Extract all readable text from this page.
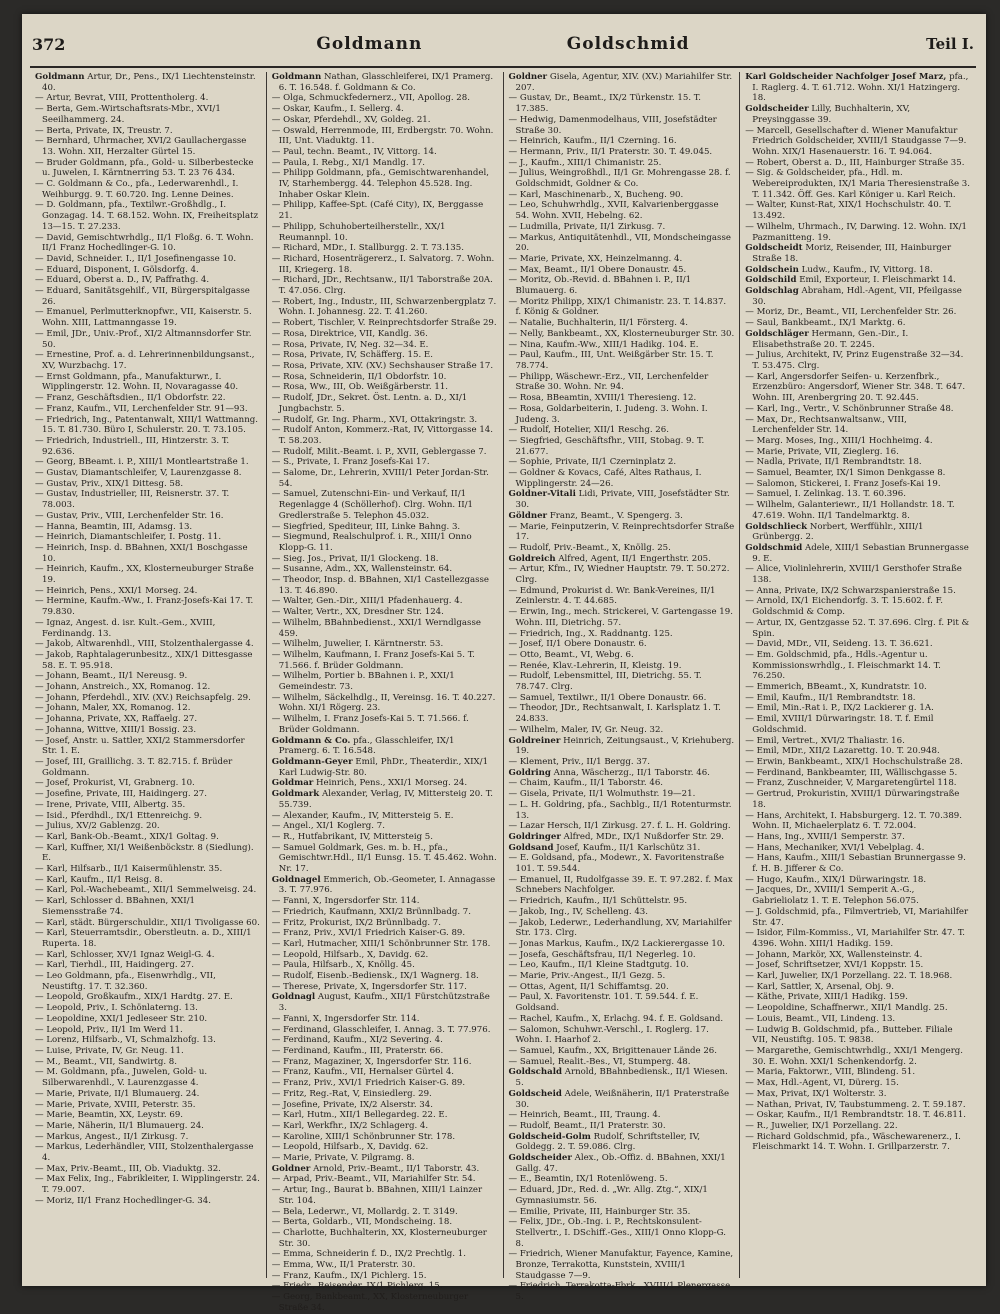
372	Goldmann	Goldschmid	Teil I.
Goldmann Artur, Dr., Pens., IX/1 Liechtensteinstr. 40.
— Artur, Bevrat, VIII, Prottentholerg. 4.
— Berta, Gem.-Wirtschaftsrats-Mbr., XVI/1 Seeilhammerg. 24.
— Berta, Private, IX, Treustr. 7.
— Bernhard, Uhrmacher, XVI/2 Gaullachergasse 13. Wohn. XII, Herzalter Gürtel 15.
— Bruder Goldmann, pfa., Gold- u. Silberbestecke u. Juwelen, I. Kärntnerring 53. T. 23 76 434.
— C. Goldmann & Co., pfa., Lederwarenhdl., I. Weihburgg. 9. T. 60.720. Ing. Lenne Deines.
— D. Goldmann, pfa., Textilwr.-Großhdlg., I. Gonzagag. 14. T. 68.152. Wohn. IX, Freiheitsplatz 13—15. T. 27.233.
— David, Gemischtwrhdlg., II/1 Floßg. 6. T. Wohn. II/1 Franz Hochedlinger-G. 10.
— David, Schneider. I., II/1 Josefinengasse 10.
— Eduard, Disponent, I. Gölsdorfg. 4.
— Eduard, Oberst a. D., IV, Paffrathg. 4.
— Eduard, Sanitätsgehilf., VII, Bürgerspitalgasse 26.
— Emanuel, Perlmutterknopfwr., VII, Kaiserstr. 5. Wohn. XIII, Lattmanngasse 19.
— Emil, JDr., Univ.-Prof., XI/2 Altmannsdorfer Str. 50.
— Ernestine, Prof. a. d. Lehrerinnenbildungsanst., XV, Wurzbachg. 17.
— Ernst Goldmann, pfa., Manufakturwr., I. Wipplingerstr. 12. Wohn. II, Novaragasse 40.
— Franz, Geschäftsdien., II/1 Obdorfstr. 22.
— Franz, Kaufm., VII, Lerchenfelder Str. 91—93.
— Friedrich, Ing., Patentanwalt, XIII/1 Wattmanng. 15. T. 81.730. Büro I, Schulerstr. 20. T. 73.105.
— Friedrich, Industriell., III, Hintzerstr. 3. T. 92.636.
— Georg, BBeamt. i. P., XIII/1 Montleartstraße 1.
— Gustav, Diamantschleifer, V, Laurenzgasse 8.
— Gustav, Priv., XIX/1 Dittesg. 58.
— Gustav, Industrieller, III, Reisnerstr. 37. T. 78.003.
— Gustav, Priv., VIII, Lerchenfelder Str. 16.
— Hanna, Beamtin, III, Adamsg. 13.
— Heinrich, Diamantschleifer, I. Postg. 11.
— Heinrich, Insp. d. BBahnen, XXI/1 Boschgasse 10.
— Heinrich, Kaufm., XX, Klosterneuburger Straße 19.
— Heinrich, Pens., XXI/1 Morseg. 24.
— Hermine, Kaufm.-Ww., I. Franz-Josefs-Kai 17. T. 79.830.
— Ignaz, Angest. d. isr. Kult.-Gem., XVIII, Ferdinandg. 13.
— Jakob, Altwarenhdl., VIII, Stolzenthalergasse 4.
— Jakob, Raphtalagerunbesitz., XIX/1 Dittesgasse 58. E. T. 95.918.
— Johann, Beamt., II/1 Nereusg. 9.
— Johann, Anstreich., XX, Romanog. 12.
— Johann, Pferdehdl., XIV. (XV.) Reichsapfelg. 29.
— Johann, Maler, XX, Romanog. 12.
— Johanna, Private, XX, Raffaelg. 27.
— Johanna, Wittve, XIII/1 Bossig. 23.
— Josef, Anstr. u. Sattler, XXI/2 Stammersdorfer Str. 1. E.
— Josef, III, Graillichg. 3. T. 82.715. f. Brüder Goldmann.
— Josef, Prokurist, VI, Grabnerg. 10.
— Josefine, Private, III, Haidingerg. 27.
— Irene, Private, VIII, Albertg. 35.
— Isid., Pferdhdl., IX/1 Ettenreichg. 9.
— Julius, XV/2 Gablenzg. 20.
— Karl, Bank-Ob.-Beamt., XIX/1 Goltag. 9.
— Karl, Kuffner, XI/1 Weißenböckstr. 8 (Siedlung). E.
— Karl, Hilfsarb., II/1 Kaisermühlenstr. 35.
— Karl, Kaufm., II/1 Reisg. 8.
— Karl, Pol.-Wachebeamt., XII/1 Semmelweisg. 24.
— Karl, Schlosser d. BBahnen, XXI/1 Siemensstraße 74.
— Karl, städt. Bürgerschuldir., XII/1 Tivoligasse 60.
— Karl, Steuerramtsdir., Oberstleutn. a. D., XIII/1 Ruperta. 18.
— Karl, Schlosser, XV/1 Ignaz Weigl-G. 4.
— Karl, Tierhdl., III, Haidingerg. 27.
— Leo Goldmann, pfa., Eisenwrhdlg., VII, Neustiftg. 17. T. 32.360.
— Leopold, Großkaufm., XIX/1 Hardtg. 27. E.
— Leopold, Priv., I. Schönlaterng. 13.
— Leopoldine, XXI/1 Jedleseer Str. 210.
— Leopold, Priv., II/1 Im Werd 11.
— Lorenz, Hilfsarb., VI, Schmalzhofg. 13.
— Luise, Private, IV, Gr. Neug. 11.
— M., Beamt., VII, Sandwirtg. 8.
— M. Goldmann, pfa., Juwelen, Gold- u. Silberwarenhdl., V. Laurenzgasse 4.
— Marie, Private, II/1 Blumauerg. 24.
— Marie, Private, XVIII, Peterstr. 35.
— Marie, Beamtin, XX, Leystr. 69.
— Marie, Näherin, II/1 Blumauerg. 24.
— Markus, Angest., II/1 Zirkusg. 7.
— Markus, Lederhändler, VIII, Stolzenthalergasse 4.
— Max, Priv.-Beamt., III, Ob. Viaduktg. 32.
— Max Felix, Ing., Fabrikleiter, I. Wipplingerstr. 24. T. 79.007.
— Moriz, II/1 Franz Hochedlinger-G. 34.
Goldmann Nathan, Glasschleiferei, IX/1 Pramerg. 6. T. 16.548. f. Goldmann & Co.
— Olga, Schmuckfedernerz., VII, Apollog. 28.
— Oskar, Kaufm., I. Sellerg. 4.
— Oskar, Pferdehdl., XV, Goldeg. 21.
— Oswald, Herrenmode, III, Erdbergstr. 70. Wohn. III, Unt. Viaduktg. 11.
— Paul, techn. Beamt., IV, Vittorg. 14.
— Paula, I. Rebg., XI/1 Mandlg. 17.
— Philipp Goldmann, pfa., Gemischtwarenhandel, IV, Starhembergg. 44. Telephon 45.528. Ing. Inhaber Oskar Klein.
— Philipp, Kaffee-Spt. (Café City), IX, Berggasse 21.
— Philipp, Schuhoberteilherstellr., XX/1 Reumannpl. 10.
— Richard, MDr., I. Stallburgg. 2. T. 73.135.
— Richard, Hosenträgererz., I. Salvatorg. 7. Wohn. III, Kriegerg. 18.
— Richard, JDr., Rechtsanw., II/1 Taborstraße 20A. T. 47.056. Clrg.
— Robert, Ing., Industr., III, Schwarzenbergplatz 7. Wohn. I. Johannesg. 22. T. 41.260.
— Robert, Tischler, V. Reinprechtsdorfer Straße 29.
— Rosa, Direktrice, VII, Kandlg. 36.
— Rosa, Private, IV, Neg. 32—34. E.
— Rosa, Private, IV, Schäfferg. 15. E.
— Rosa, Private, XIV. (XV.) Sechshauser Straße 17.
— Rosa, Schneiderin, II/1 Obdorfstr. 10.
— Rosa, Ww., III, Ob. Weißgärberstr. 11.
— Rudolf, JDr., Sekret. Öst. Lentn. a. D., XI/1 Jungbachstr. 5.
— Rudolf, Gr. Ing. Pharm., XVI, Ottakringstr. 3.
— Rudolf Anton, Kommerz.-Rat, IV, Vittorgasse 14. T. 58.203.
— Rudolf, Milit.-Beamt. i. P., XVII, Geblergasse 7.
— S., Private, I. Franz Josefs-Kai 17.
— Salome, Dr., Lehrerin, XVIII/1 Peter Jordan-Str. 54.
— Samuel, Zutenschni-Ein- und Verkauf, II/1 Regenlagge 4 (Schöllerhof). Clrg. Wohn. II/1 Gredlerstraße 5. Telephon 45.032.
— Siegfried, Spediteur, III, Linke Bahng. 3.
— Siegmund, Realschulprof. i. R., XIII/1 Onno Klopp-G. 11.
— Sieg. Jos., Privat, II/1 Glockeng. 18.
— Susanne, Adm., XX, Wallensteinstr. 64.
— Theodor, Insp. d. BBahnen, XI/1 Castellezgasse 13. T. 46.890.
— Walter, Gen.-Dir., XIII/1 Pfadenhauerg. 4.
— Walter, Vertr., XX, Dresdner Str. 124.
— Wilhelm, BBahnbedienst., XXI/1 Werndlgasse 459.
— Wilhelm, Juwelier, I. Kärntnerstr. 53.
— Wilhelm, Kaufmann, I. Franz Josefs-Kai 5. T. 71.566. f. Brüder Goldmann.
— Wilhelm, Portier b. BBahnen i. P., XXI/1 Gemeindestr. 73.
— Wilhelm, Säckelhdlg., II, Vereinsg. 16. T. 40.227. Wohn. XI/1 Rögerg. 23.
— Wilhelm, I. Franz Josefs-Kai 5. T. 71.566. f. Brüder Goldmann.
Goldmann & Co. pfa., Glasschleifer, IX/1 Pramerg. 6. T. 16.548.
Goldmann-Geyer Emil, PhDr., Theaterdir., XIX/1 Karl Ludwig-Str. 80.
Goldmar Heinrich, Pens., XXI/1 Morseg. 24.
Goldmark Alexander, Verlag, IV, Mittersteig 20. T. 55.739.
— Alexander, Kaufm., IV, Mittersteig 5. E.
— Angel., XI/1 Koglerg. 7.
— R., Hutfabrikant, IV, Mittersteig 5.
— Samuel Goldmark, Ges. m. b. H., pfa., Gemischtwr.Hdl., II/1 Eunsg. 15. T. 45.462. Wohn. Nr. 17.
Goldnagel Emmerich, Ob.-Geometer, I. Annagasse 3. T. 77.976.
— Fanni, X, Ingersdorfer Str. 114.
— Friedrich, Kaufmann, XXI/2 Brünnlbadg. 7.
— Fritz, Prokurist, IX/2 Brünnlbadg. 7.
— Franz, Priv., XVI/1 Friedrich Kaiser-G. 89.
— Karl, Hutmacher, XIII/1 Schönbrunner Str. 178.
— Leopold, Hilfsarb., X, Davidg. 62.
— Paula, Hilfsarb., X, Knöllg. 45.
— Rudolf, Eisenb.-Bediensk., IX/1 Wagnerg. 18.
— Therese, Private, X, Ingersdorfer Str. 117.
Goldnagl August, Kaufm., XII/1 Fürstchützstraße 3.
— Fanni, X, Ingersdorfer Str. 114.
— Ferdinand, Glasschleifer, I. Annag. 3. T. 77.976.
— Ferdinand, Kaufm., XI/2 Severing. 4.
— Ferdinand, Kaufm., III, Praterstr. 66.
— Franz, Magaziner, X, Ingersdorfer Str. 116.
— Franz, Kaufm., VII, Hernalser Gürtel 4.
— Franz, Priv., XVI/1 Friedrich Kaiser-G. 89.
— Fritz, Reg.-Rat, V, Einsiedlerg. 29.
— Josefine, Private, IX/2 Alserstr. 34.
— Karl, Hutm., XII/1 Bellegardeg. 22. E.
— Karl, Werkfhr., IX/2 Schlagerg. 4.
— Karoline, XIII/1 Schönbrunner Str. 178.
— Leopold, Hilfsarb., X, Davidg. 62.
— Marie, Private, V. Pilgramg. 8.
Goldner Arnold, Priv.-Beamt., II/1 Taborstr. 43.
— Arpad, Priv.-Beamt., VII, Mariahilfer Str. 54.
— Artur, Ing., Baurat b. BBahnen, XIII/1 Lainzer Str. 104.
— Bela, Lederwr., VI, Mollardg. 2. T. 3149.
— Berta, Goldarb., VII, Mondscheing. 18.
— Charlotte, Buchhalterin, XX, Klosterneuburger Str. 30.
— Emma, Schneiderin f. D., IX/2 Prechtlg. 1.
— Emma, Ww., II/1 Praterstr. 30.
— Franz, Kaufm., IX/1 Pichlerg. 15.
— Friedr., Reisender, IX/1 Pichlerg. 15.
— Georg, Bankbeamt., XX, Klosterneuburger Straße 34.
Goldner Gisela, Agentur, XIV. (XV.) Mariahilfer Str. 207.
— Gustav, Dr., Beamt., IX/2 Türkenstr. 15. T. 17.385.
— Hedwig, Damenmodelhaus, VIII, Josefstädter Straße 30.
— Heinrich, Kaufm., II/1 Czerning. 16.
— Hermann, Priv., II/1 Praterstr. 30. T. 49.045.
— J., Kaufm., XIII/1 Chimanistr. 25.
— Julius, Weingroßhdl., II/1 Gr. Mohrengasse 28. f. Goldschmidt, Goldner & Co.
— Karl, Maschinenarb., X, Bucheng. 90.
— Leo, Schuhwrhdlg., XVII, Kalvarienberggasse 54. Wohn. XVII, Hebelng. 62.
— Ludmilla, Private, II/1 Zirkusg. 7.
— Markus, Antiquitätenhdl., VII, Mondscheingasse 20.
— Marie, Private, XX, Heinzelmanng. 4.
— Max, Beamt., II/1 Obere Donaustr. 45.
— Moritz, Ob.-Revid. d. BBahnen i. P., II/1 Blumauerg. 6.
— Moritz Philipp, XIX/1 Chimanistr. 23. T. 14.837. f. König & Goldner.
— Natalie, Buchhalterin, II/1 Försterg. 4.
— Nelly, Bankbeamt., XX, Klosterneuburger Str. 30.
— Nina, Kaufm.-Ww., XIII/1 Hadikg. 104. E.
— Paul, Kaufm., III, Unt. Weißgärber Str. 15. T. 78.774.
— Philipp, Wäschewr.-Erz., VII, Lerchenfelder Straße 30. Wohn. Nr. 94.
— Rosa, BBeamtin, XVIII/1 Theresieng. 12.
— Rosa, Goldarbeiterin, I. Judeng. 3. Wohn. I. Judeng. 3.
— Rudolf, Hotelier, XII/1 Reschg. 26.
— Siegfried, Geschäftsfhr., VIII, Stobag. 9. T. 21.677.
— Sophie, Private, II/1 Czerninplatz 2.
— Goldner & Kovacs, Café, Altes Rathaus, I. Wipplingerstr. 24—26.
Goldner-Vitali Lidi, Private, VIII, Josefstädter Str. 30.
Göldner Franz, Beamt., V. Spengerg. 3.
— Marie, Feinputzerin, V. Reinprechtsdorfer Straße 17.
— Rudolf, Priv.-Beamt., X, Knöllg. 25.
Goldreich Alfred, Agent, II/1 Engerthstr. 205.
— Artur, Kfm., IV, Wiedner Hauptstr. 79. T. 50.272. Clrg.
— Edmund, Prokurist d. Wr. Bank-Vereines, II/1 Zeinlerstr. 4. T. 44.685.
— Erwin, Ing., mech. Strickerei, V. Gartengasse 19. Wohn. III, Dietrichg. 57.
— Friedrich, Ing., X. Raddnantg. 125.
— Josef, II/1 Obere Donaustr. 6.
— Otto, Beamt., VI, Webg. 6.
— Renée, Klav.-Lehrerin, II, Kleistg. 19.
— Rudolf, Lebensmittel, III, Dietrichg. 55. T. 78.747. Clrg.
— Samuel, Textilwr., II/1 Obere Donaustr. 66.
— Theodor, JDr., Rechtsanwalt, I. Karlsplatz 1. T. 24.833.
— Wilhelm, Maler, IV, Gr. Neug. 32.
Goldreiner Heinrich, Zeitungsaust., V, Kriehuberg. 19.
— Klement, Priv., II/1 Bergg. 37.
Goldring Anna, Wäscherzg., II/1 Taborstr. 46.
— Chaim, Kaufm., II/1 Taborstr. 46.
— Gisela, Private, II/1 Wolmuthstr. 19—21.
— L. H. Goldring, pfa., Sachblg., II/1 Rotenturmstr. 13.
— Lazar Hersch, II/1 Zirkusg. 27. f. L. H. Goldring.
Goldringer Alfred, MDr., IX/1 Nußdorfer Str. 29.
Goldsand Josef, Kaufm., II/1 Karlschütz 31.
— E. Goldsand, pfa., Modewr., X. Favoritenstraße 101. T. 59.544.
— Emanuel, II, Rudolfgasse 39. E. T. 97.282. f. Max Schnebers Nachfolger.
— Friedrich, Kaufm., II/1 Schüttelstr. 95.
— Jakob, Ing., IV, Schelleng. 43.
— Jakob, Lederwr., Lederhandlung, XV, Mariahilfer Str. 173. Clrg.
— Jonas Markus, Kaufm., IX/2 Lackierergasse 10.
— Josefa, Geschäftsfrau, II/1 Negerleg. 10.
— Leo, Kaufm., II/1 Kleine Stadtgutg. 10.
— Marie, Priv.-Angest., II/1 Gezg. 5.
— Ottas, Agent, II/1 Schiffamtsg. 20.
— Paul, X. Favoritenstr. 101. T. 59.544. f. E. Goldsand.
— Rachel, Kaufm., X, Erlachg. 94. f. E. Goldsand.
— Salomon, Schuhwr.-Verschl., I. Roglerg. 17. Wohn. I. Haarhof 2.
— Samuel, Kaufm., XX, Brigittenauer Lände 26.
— Samuel, Realit.-Bes., VI, Stumperg. 48.
Goldschald Arnold, BBahnbediensk., II/1 Wiesen. 5.
Goldscheid Adele, Weißnäherin, II/1 Praterstraße 30.
— Heinrich, Beamt., III, Traung. 4.
— Rudolf, Beamt., II/1 Praterstr. 30.
Goldscheid-Golm Rudolf, Schriftsteller, IV, Goldegg. 2. T. 59.086. Clrg.
Goldscheider Alex., Ob.-Offiz. d. BBahnen, XXI/1 Gallg. 47.
— E., Beamtin, IX/1 Rotenlöweng. 5.
— Eduard, JDr., Red. d. „Wr. Allg. Ztg.“, XIX/1 Gymnasiumstr. 56.
— Emilie, Private, III, Hainburger Str. 35.
— Felix, JDr., Ob.-Ing. i. P., Rechtskonsulent-Stellvertr., I. DSchiff.-Ges., XIII/1 Onno Klopp-G. 8.
— Friedrich, Wiener Manufaktur, Fayence, Kamine, Bronze, Terrakotta, Kunststein, XVIII/1 Staudgasse 7—9.
— Friedrich, Terrakotta-Fbrk., XVIII/1 Plenergasse 5.
Karl Goldscheider Nachfolger Josef Marz, pfa., I. Raglerg. 4. T. 61.712. Wohn. XI/1 Hatzingerg. 18.
Goldscheider Lilly, Buchhalterin, XV, Preysinggasse 39.
— Marcell, Gesellschafter d. Wiener Manufaktur Friedrich Goldscheider, XVIII/1 Staudgasse 7—9. Wohn. XIX/1 Hasenauerstr. 16. T. 94.064.
— Robert, Oberst a. D., III, Hainburger Straße 35.
— Sig. & Goldscheider, pfa., Hdl. m. Webereiprodukten, IX/1 Maria Theresienstraße 3. T. 11.342. Öff. Ges. Karl Königer u. Karl Reich.
— Walter, Kunst-Rat, XIX/1 Hochschulstr. 40. T. 13.492.
— Wilhelm, Uhrmach., IV, Darwing. 12. Wohn. IX/1 Pazmanitteng. 19.
Goldscheidt Moriz, Reisender, III, Hainburger Straße 18.
Goldschein Ludw., Kaufm., IV, Vittorg. 18.
Goldschild Emil, Exporteur, I. Fleischmarkt 14.
Goldschlag Abraham, Hdl.-Agent, VII, Pfeilgasse 30.
— Moriz, Dr., Beamt., VII, Lerchenfelder Str. 26.
— Saul, Bankbeamt., IX/1 Marktg. 6.
Goldschläger Hermann, Gen.-Dir., I. Elisabethstraße 20. T. 2245.
— Julius, Architekt, IV, Prinz Eugenstraße 32—34. T. 53.475. Clrg.
— Karl, Angersdorfer Seifen- u. Kerzenfbrk., Erzenzbüro: Angersdorf, Wiener Str. 348. T. 647. Wohn. III, Arenbergring 20. T. 92.445.
— Karl, Ing., Vertr., V. Schönbrunner Straße 48.
— Max, Dr., Rechtsanwaltsanw., VIII, Lerchenfelder Str. 14.
— Marg. Moses, Ing., XIII/1 Hochheimg. 4.
— Marie, Private, VII, Zieglerg. 16.
— Nadla, Private, II/1 Rembrandtstr. 18.
— Samuel, Beamter, IX/1 Simon Denkgasse 8.
— Salomon, Stickerei, I. Franz Josefs-Kai 19.
— Samuel, I. Zelinkag. 13. T. 60.396.
— Wilhelm, Galanteriewr., II/1 Hollandstr. 18. T. 47.619. Wohn. II/1 Tandelmarktg. 8.
Goldschlieck Norbert, Werffühlr., XIII/1 Grünbergg. 2.
Goldschmid Adele, XIII/1 Sebastian Brunnergasse 9. E.
— Alice, Violinlehrerin, XVIII/1 Gersthofer Straße 138.
— Anna, Private, IX/2 Schwarzspanierstraße 15.
— Arnold, IX/1 Eichendorfg. 3. T. 15.602. f. F. Goldschmid & Comp.
— Artur, IX, Gentzgasse 52. T. 37.696. Clrg. f. Pit & Spin.
— David, MDr., VII, Seideng. 13. T. 36.621.
— Em. Goldschmid, pfa., Hdls.-Agentur u. Kommissionswrhdlg., I. Fleischmarkt 14. T. 76.250.
— Emmerich, BBeamt., X, Kundratstr. 10.
— Emil, Kaufm., II/1 Rembrandtstr. 18.
— Emil, Min.-Rat i. P., IX/2 Lackierer g. 1A.
— Emil, XVIII/1 Dürwaringstr. 18. T. f. Emil Goldschmid.
— Emil, Vertret., XVI/2 Thaliastr. 16.
— Emil, MDr., XII/2 Lazarettg. 10. T. 20.948.
— Erwin, Bankbeamt., XIX/1 Hochschulstraße 28.
— Ferdinand, Bankbeamter, III, Wällischgasse 5.
— Franz, Zuschneider, V, Margaretengürtel 118.
— Gertrud, Prokuristin, XVIII/1 Dürwaringstraße 18.
— Hans, Architekt, I. Habsburgerg. 12. T. 70.389. Wohn. II, Michaelerplatz 6. T. 72.004.
— Hans, Ing., XVIII/1 Semperstr. 37.
— Hans, Mechaniker, XVI/1 Vebelplag. 4.
— Hans, Kaufm., XIII/1 Sebastian Brunnergasse 9. f. H. B. Jifferer & Co.
— Hugo, Kaufm., XIX/1 Dürwaringstr. 18.
— Jacques, Dr., XVIII/1 Semperit A.-G., Gabrieliolatz 1. T. E. Telephon 56.075.
— J. Goldschmid, pfa., Filmvertrieb, VI, Mariahilfer Str. 47.
— Isidor, Film-Kommiss., VI, Mariahilfer Str. 47. T. 4396. Wohn. XIII/1 Hadikg. 159.
— Johann, Markör, XX, Wallensteinstr. 4.
— Josef, Schriftsetzer, XVI/1 Koppstr. 15.
— Karl, Juwelier, IX/1 Porzellang. 22. T. 18.968.
— Karl, Sattler, X, Arsenal, Obj. 9.
— Käthe, Private, XIII/1 Hadikg. 159.
— Leopoldine, Schaffnerwr., XII/1 Mandlg. 25.
— Louis, Beamt., VII, Lindeng. 13.
— Ludwig B. Goldschmid, pfa., Butteber. Filiale VII, Neustiftg. 105. T. 9838.
— Margarethe, Gemischtwrhdlg., XXI/1 Mengerg. 30. E. Wohn. XXI/1 Schenkendorfg. 2.
— Maria, Faktorwr., VIII, Blindeng. 51.
— Max, Hdl.-Agent, VI, Dürerg. 15.
— Max, Privat, IX/1 Wolterstr. 3.
— Nathan, Privat, IV, Taubstummeng. 2. T. 59.187.
— Oskar, Kaufm., II/1 Rembrandtstr. 18. T. 46.811.
— R., Juwelier, IX/1 Porzellang. 22.
— Richard Goldschmid, pfa., Wäschewarenerz., I. Fleischmarkt 14. T. Wohn. I. Grillparzerstr. 7.
